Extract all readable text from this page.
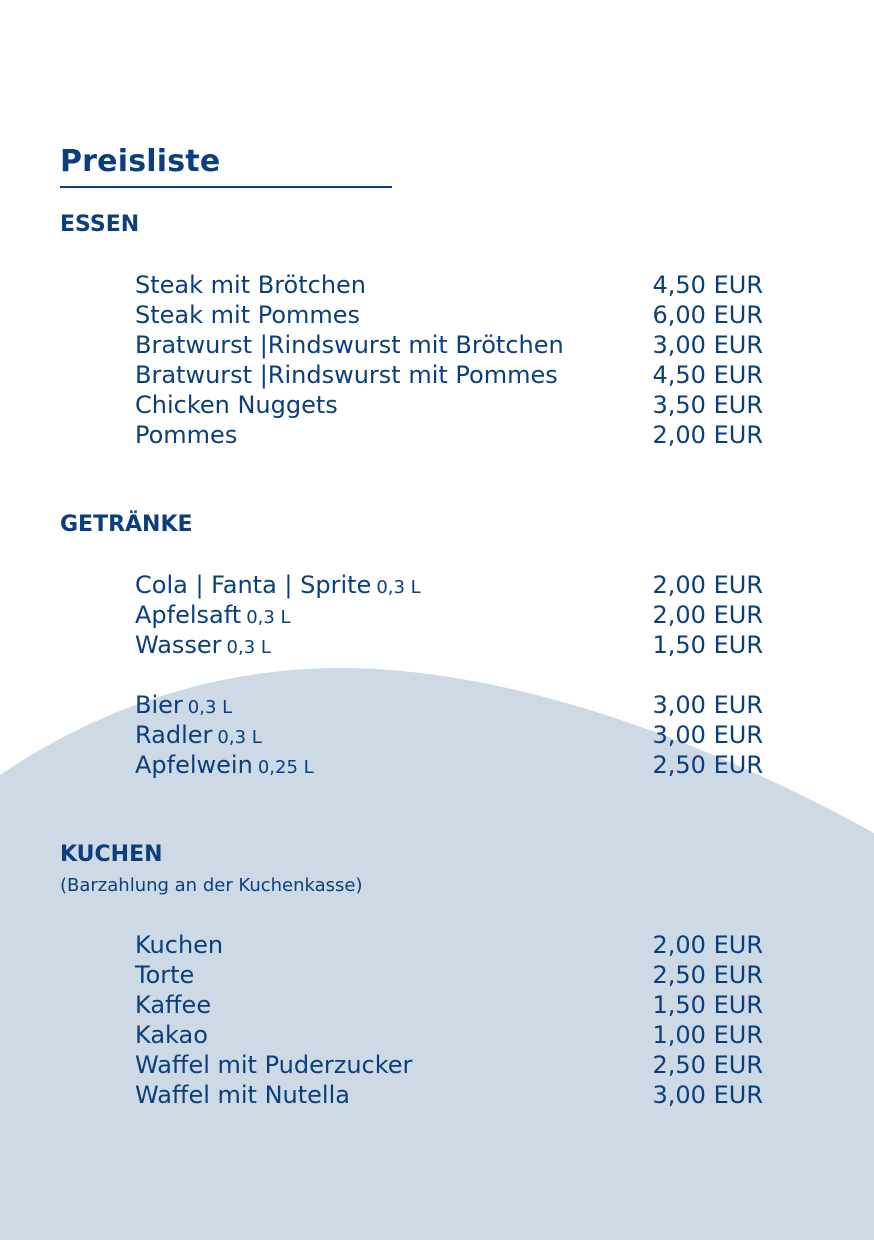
Preisliste
ESSEN
Steak mit Brötchen	4,50 EUR
Steak mit Pommes	6,00 EUR
Bratwurst |Rindswurst mit Brötchen	3,00 EUR
Bratwurst |Rindswurst mit Pommes	4,50 EUR
Chicken Nuggets	3,50 EUR
Pommes	2,00 EUR
GETRÄNKE
Cola | Fanta | Sprite 0,3 L	2,00 EUR
Apfelsaft 0,3 L	2,00 EUR
Wasser 0,3 L	1,50 EUR
Bier 0,3 L	3,00 EUR
Radler 0,3 L	3,00 EUR
Apfelwein 0,25 L	2,50 EUR
KUCHEN

(Barzahlung an der Kuchenkasse)

Kuchen	2,00 EUR
Torte	2,50 EUR
Kaffee	1,50 EUR
Kakao	1,00 EUR
Waffel mit Puderzucker	2,50 EUR
Waffel mit Nutella	3,00 EUR
